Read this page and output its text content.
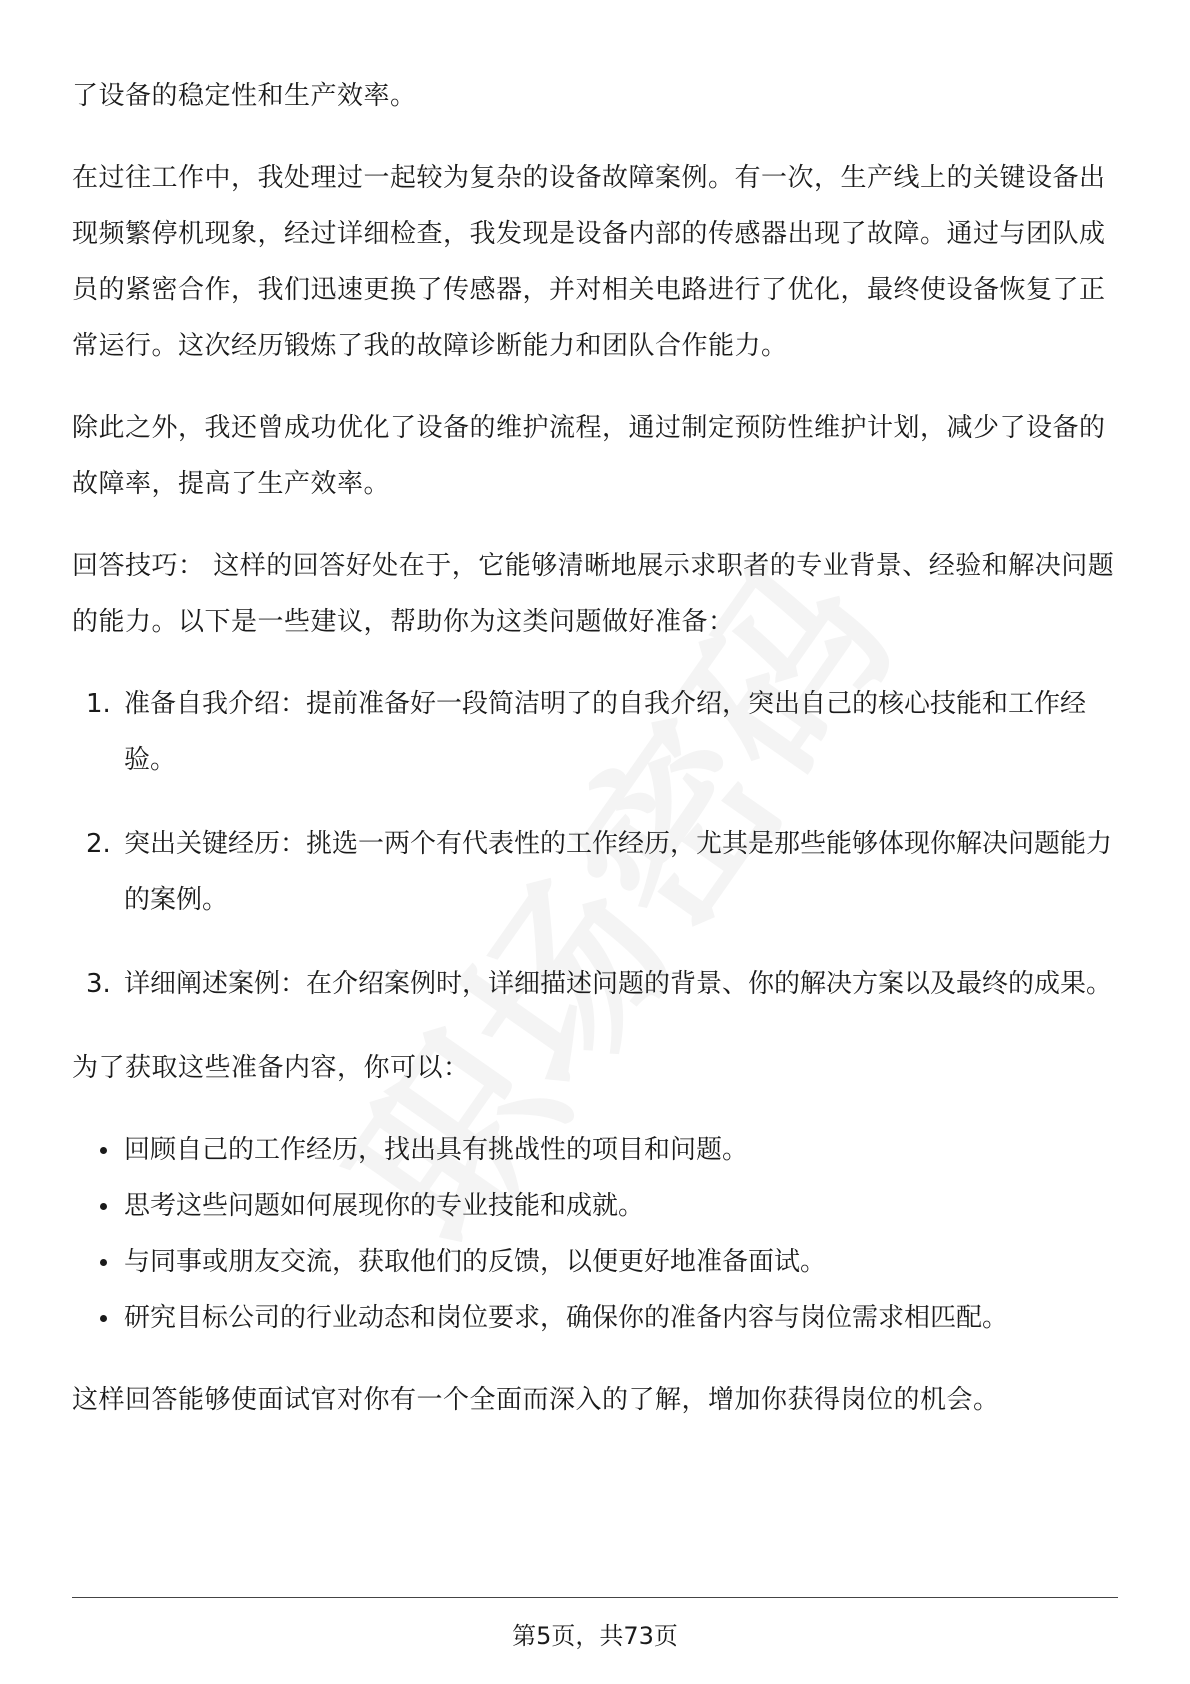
了设备的稳定性和生产效率。

在过往工作中，我处理过一起较为复杂的设备故障案例。有一次，生产线上的关键设备出现频繁停机现象，经过详细检查，我发现是设备内部的传感器出现了故障。通过与团队成员的紧密合作，我们迅速更换了传感器，并对相关电路进行了优化，最终使设备恢复了正常运行。这次经历锻炼了我的故障诊断能力和团队合作能力。

除此之外，我还曾成功优化了设备的维护流程，通过制定预防性维护计划，减少了设备的故障率，提高了生产效率。

回答技巧： 这样的回答好处在于，它能够清晰地展示求职者的专业背景、经验和解决问题的能力。以下是一些建议，帮助你为这类问题做好准备：

1. 准备自我介绍：提前准备好一段简洁明了的自我介绍，突出自己的核心技能和工作经验。
2. 突出关键经历：挑选一两个有代表性的工作经历，尤其是那些能够体现你解决问题能力的案例。
3. 详细阐述案例：在介绍案例时，详细描述问题的背景、你的解决方案以及最终的成果。

为了获取这些准备内容，你可以：

回顾自己的工作经历，找出具有挑战性的项目和问题。
思考这些问题如何展现你的专业技能和成就。
与同事或朋友交流，获取他们的反馈，以便更好地准备面试。
研究目标公司的行业动态和岗位要求，确保你的准备内容与岗位需求相匹配。

这样回答能够使面试官对你有一个全面而深入的了解，增加你获得岗位的机会。

第5页，共73页
